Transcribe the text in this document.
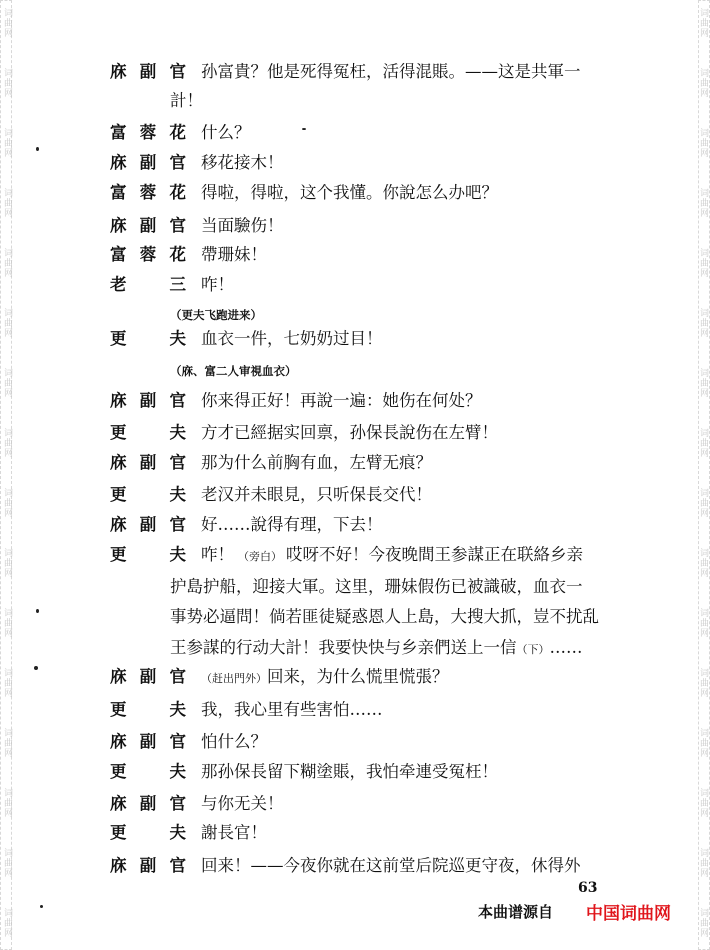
词曲网	词曲网
词曲网	词曲网
词曲网	词曲网
词曲网	词曲网
词曲网	词曲网
词曲网	词曲网
词曲网	词曲网
词曲网	词曲网
词曲网	词曲网
词曲网	词曲网
词曲网	词曲网
词曲网	词曲网
词曲网	词曲网
词曲网	词曲网
词曲网	词曲网
词曲网	词曲网
庥 副 官 孙富貴？他是死得冤枉，活得混賬。——这是共軍一
計！
富 蓉 花 什么？
庥 副 官 移花接木！
富 蓉 花 得啦，得啦，这个我懂。你說怎么办吧？
庥 副 官 当面驗伤！
富 蓉 花 帶珊妹！
老	三 咋！
（更夫飞跑进来）
更	夫 血衣一件，七奶奶过目！
（庥、富二人审視血衣）
庥 副 官 你来得正好！再說一遍：她伤在何处？
更	夫 方才已經据实回禀，孙保長說伤在左臂！
庥 副 官 那为什么前胸有血，左臂无痕？
更	夫 老汉并未眼見，只听保長交代！
庥 副 官 好……說得有理，下去！
更	夫 咋！ （旁白） 哎呀不好！今夜晚間王参謀正在联絡乡亲
护島护船，迎接大軍。这里，珊妹假伤已被識破，血衣一
事势必逼問！倘若匪徒疑惑恩人上島，大搜大抓，豈不扰乱
王参謀的行动大計！我要快快与乡亲們送上一信（下）……
庥 副 官 （赶出門外）回来，为什么慌里慌張？
更	夫 我，我心里有些害怕……
庥 副 官 怕什么？
更	夫 那孙保長留下糊塗賬，我怕牵連受冤枉！
庥 副 官 与你无关！
更	夫 謝長官！
庥 副 官 回来！——今夜你就在这前堂后院巡更守夜，休得外
63
本曲谱源自 中国词曲网
